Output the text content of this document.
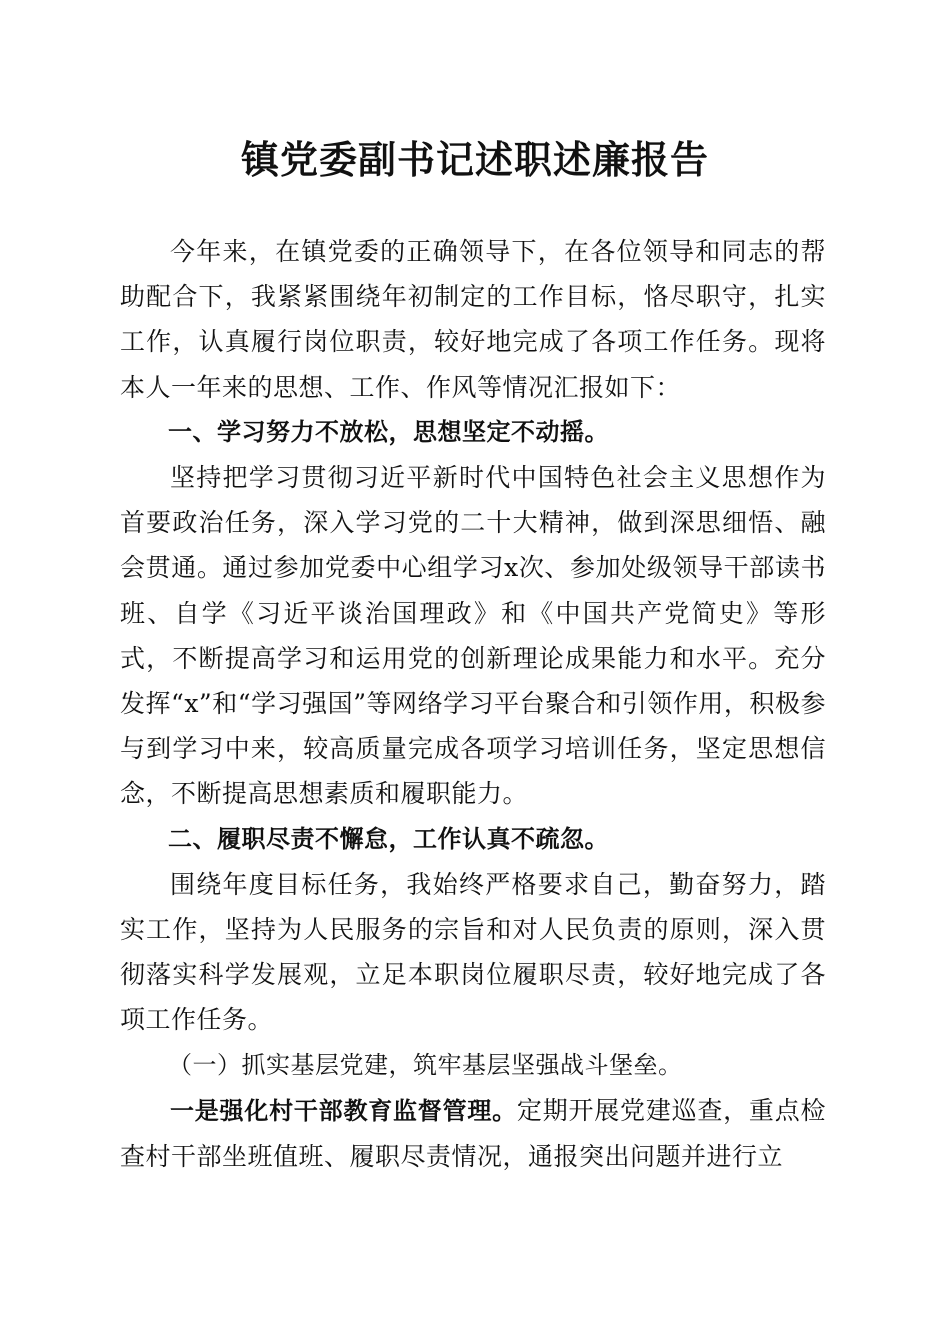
镇党委副书记述职述廉报告

今年来，在镇党委的正确领导下，在各位领导和同志的帮助配合下，我紧紧围绕年初制定的工作目标，恪尽职守，扎实工作，认真履行岗位职责，较好地完成了各项工作任务。现将本人一年来的思想、工作、作风等情况汇报如下：

一、学习努力不放松，思想坚定不动摇。

坚持把学习贯彻习近平新时代中国特色社会主义思想作为首要政治任务，深入学习党的二十大精神，做到深思细悟、融会贯通。通过参加党委中心组学习x次、参加处级领导干部读书班、自学《习近平谈治国理政》和《中国共产党简史》等形式，不断提高学习和运用党的创新理论成果能力和水平。充分发挥“x”和“学习强国”等网络学习平台聚合和引领作用，积极参与到学习中来，较高质量完成各项学习培训任务，坚定思想信念，不断提高思想素质和履职能力。

二、履职尽责不懈怠，工作认真不疏忽。

围绕年度目标任务，我始终严格要求自己，勤奋努力，踏实工作，坚持为人民服务的宗旨和对人民负责的原则，深入贯彻落实科学发展观，立足本职岗位履职尽责，较好地完成了各项工作任务。

（一）抓实基层党建，筑牢基层坚强战斗堡垒。

一是强化村干部教育监督管理。定期开展党建巡查，重点检查村干部坐班值班、履职尽责情况，通报突出问题并进行立
